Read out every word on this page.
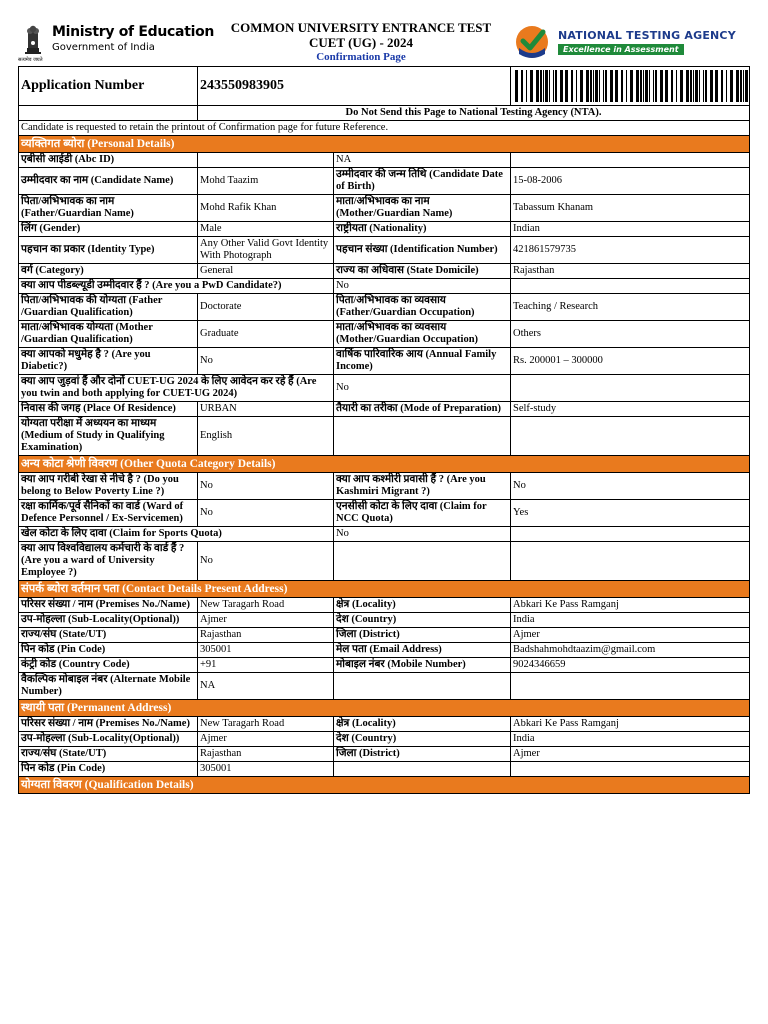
सत्यमेव जयते
Ministry of Education
Government of India
COMMON UNIVERSITY ENTRANCE TEST
CUET (UG) - 2024
Confirmation Page
NATIONAL TESTING AGENCY
Excellence in Assessment
Application Number	243550983905	

	Do Not Send this Page to National Testing Agency (NTA).		
Candidate is requested to retain the printout of Confirmation page for future Reference.			
व्यक्तिगत ब्योरा (Personal Details)			
एबीसी आईडी (Abc ID)		NA	
उम्मीदवार का नाम (Candidate Name)	Mohd Taazim	उम्मीदवार की जन्म तिथि (Candidate Date of Birth)	15-08-2006
पिता/अभिभावक का नाम (Father/Guardian Name)	Mohd Rafik Khan	माता/अभिभावक का नाम (Mother/Guardian Name)	Tabassum Khanam
लिंग (Gender)	Male	राष्ट्रीयता (Nationality)	Indian
पहचान का प्रकार (Identity Type)	Any Other Valid Govt Identity With Photograph	पहचान संख्या (Identification Number)	421861579735
वर्ग (Category)	General	राज्य का अधिवास (State Domicile)	Rajasthan
क्या आप पीडब्ल्यूडी उम्मीदवार हैं ? (Are you a PwD Candidate?)		No	
पिता/अभिभावक की योग्यता (Father /Guardian Qualification)	Doctorate	पिता/अभिभावक का व्यवसाय (Father/Guardian Occupation)	Teaching / Research
माता/अभिभावक योग्यता (Mother /Guardian Qualification)	Graduate	माता/अभिभावक का व्यवसाय (Mother/Guardian Occupation)	Others
क्या आपको मधुमेह है ? (Are you Diabetic?)	No	वार्षिक पारिवारिक आय (Annual Family Income)	Rs. 200001 – 300000
क्या आप जुड़वां हैं और दोनों CUET-UG 2024 के लिए आवेदन कर रहे हैं (Are you twin and both applying for CUET-UG 2024)		No	
निवास की जगह (Place Of Residence)	URBAN	तैयारी का तरीका (Mode of Preparation)	Self-study
योग्यता परीक्षा में अध्ययन का माध्यम (Medium of Study in Qualifying Examination)	English		
अन्य कोटा श्रेणी विवरण (Other Quota Category Details)			
क्या आप गरीबी रेखा से नीचे है ? (Do you belong to Below Poverty Line ?)	No	क्या आप कश्मीरी प्रवासी हैं ? (Are you Kashmiri Migrant ?)	No
रक्षा कार्मिक/पूर्व सैनिकों का वार्ड (Ward of Defence Personnel / Ex-Servicemen)	No	एनसीसी कोटा के लिए दावा (Claim for NCC Quota)	Yes
खेल कोटा के लिए दावा (Claim for Sports Quota)		No	
क्या आप विश्वविद्यालय कर्मचारी के वार्ड हैं ? (Are you a ward of University Employee ?)	No		
संपर्क ब्योरा वर्तमान पता (Contact Details Present Address)			
परिसर संख्या / नाम (Premises No./Name)	New Taragarh Road	क्षेत्र (Locality)	Abkari Ke Pass Ramganj
उप-मोहल्ला (Sub-Locality(Optional))	Ajmer	देश (Country)	India
राज्य/संघ (State/UT)	Rajasthan	जिला (District)	Ajmer
पिन कोड (Pin Code)	305001	मेल पता (Email Address)	Badshahmohdtaazim@gmail.com
कंट्री कोड (Country Code)	+91	मोबाइल नंबर (Mobile Number)	9024346659
वैकल्पिक मोबाइल नंबर (Alternate Mobile Number)	NA		
स्थायी पता (Permanent Address)			
परिसर संख्या / नाम (Premises No./Name)	New Taragarh Road	क्षेत्र (Locality)	Abkari Ke Pass Ramganj
उप-मोहल्ला (Sub-Locality(Optional))	Ajmer	देश (Country)	India
राज्य/संघ (State/UT)	Rajasthan	जिला (District)	Ajmer
पिन कोड (Pin Code)	305001		
योग्यता विवरण (Qualification Details)			
